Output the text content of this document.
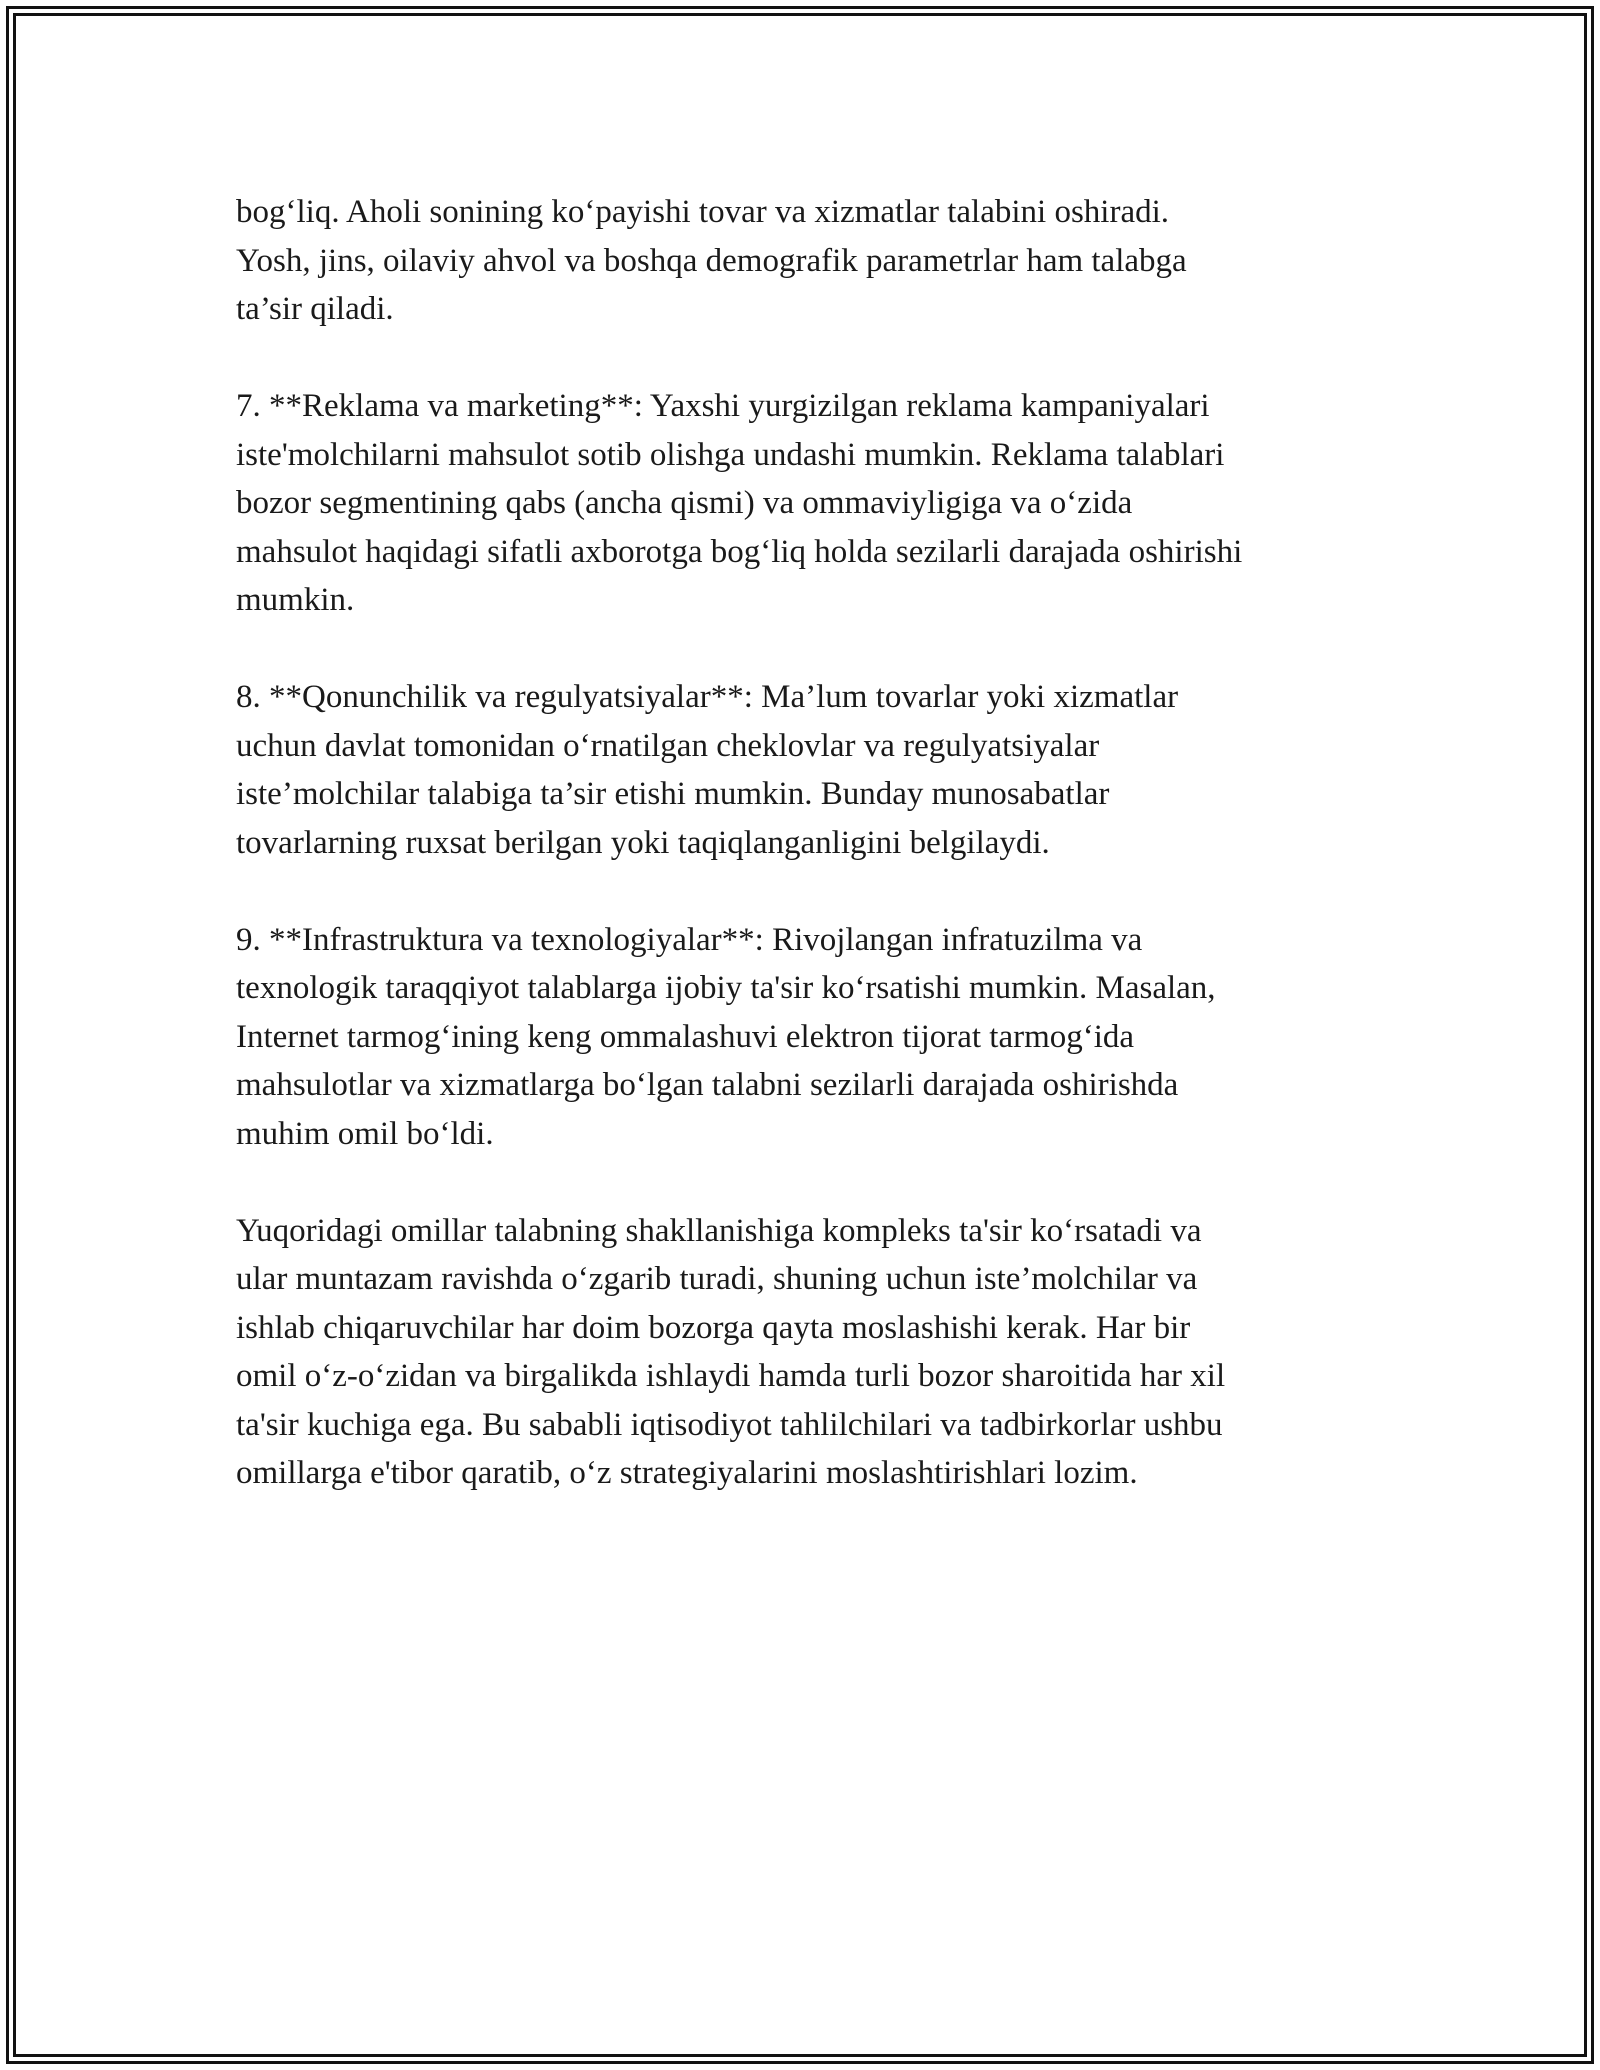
bog‘liq. Aholi sonining ko‘payishi tovar va xizmatlar talabini oshiradi.
Yosh, jins, oilaviy ahvol va boshqa demografik parametrlar ham talabga
ta’sir qiladi.

7. **Reklama va marketing**: Yaxshi yurgizilgan reklama kampaniyalari
iste'molchilarni mahsulot sotib olishga undashi mumkin. Reklama talablari
bozor segmentining qabs (ancha qismi) va ommaviyligiga va o‘zida
mahsulot haqidagi sifatli axborotga bog‘liq holda sezilarli darajada oshirishi
mumkin.

8. **Qonunchilik va regulyatsiyalar**: Ma’lum tovarlar yoki xizmatlar
uchun davlat tomonidan o‘rnatilgan cheklovlar va regulyatsiyalar
iste’molchilar talabiga ta’sir etishi mumkin. Bunday munosabatlar
tovarlarning ruxsat berilgan yoki taqiqlanganligini belgilaydi.

9. **Infrastruktura va texnologiyalar**: Rivojlangan infratuzilma va
texnologik taraqqiyot talablarga ijobiy ta'sir ko‘rsatishi mumkin. Masalan,
Internet tarmog‘ining keng ommalashuvi elektron tijorat tarmog‘ida
mahsulotlar va xizmatlarga bo‘lgan talabni sezilarli darajada oshirishda
muhim omil bo‘ldi.

Yuqoridagi omillar talabning shakllanishiga kompleks ta'sir ko‘rsatadi va
ular muntazam ravishda o‘zgarib turadi, shuning uchun iste’molchilar va
ishlab chiqaruvchilar har doim bozorga qayta moslashishi kerak. Har bir
omil o‘z-o‘zidan va birgalikda ishlaydi hamda turli bozor sharoitida har xil
ta'sir kuchiga ega. Bu sababli iqtisodiyot tahlilchilari va tadbirkorlar ushbu
omillarga e'tibor qaratib, o‘z strategiyalarini moslashtirishlari lozim.
